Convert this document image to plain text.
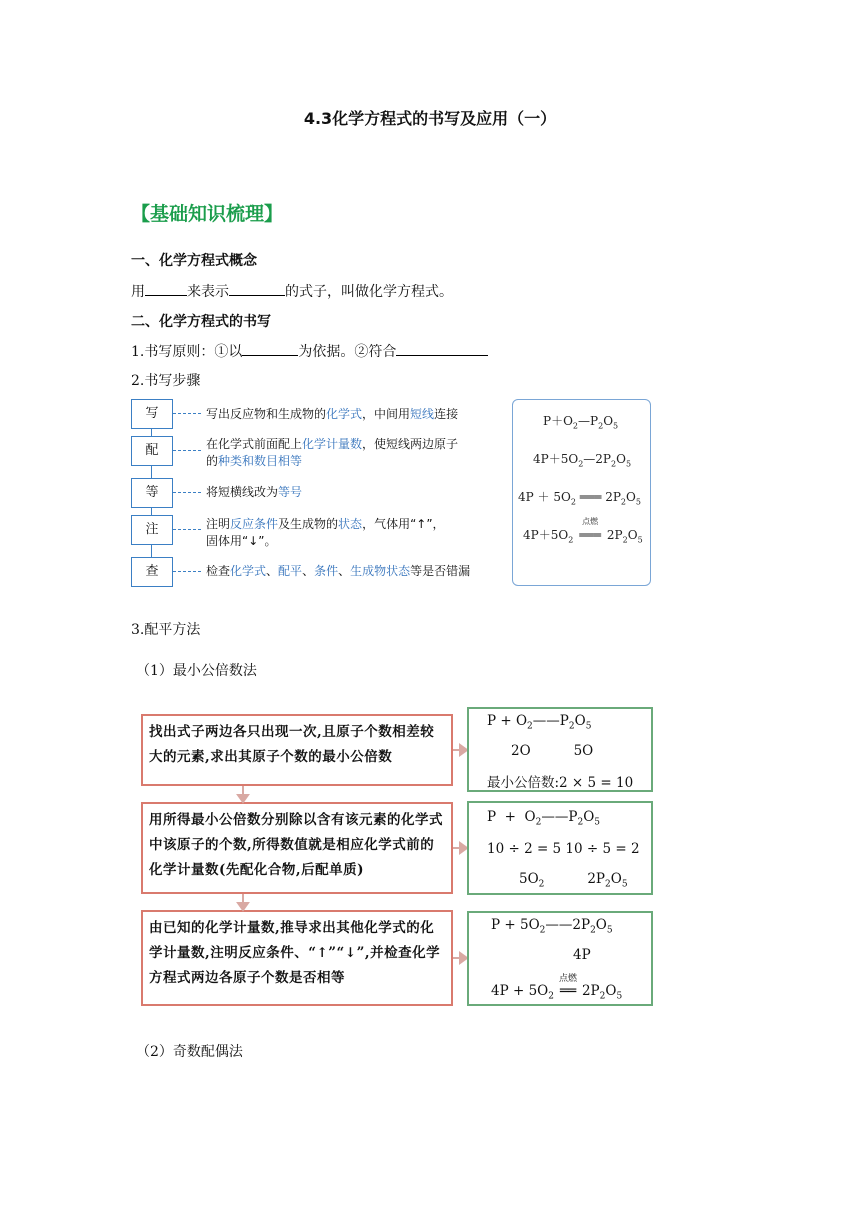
4.3化学方程式的书写及应用（一）
【基础知识梳理】
一、化学方程式概念
用	来表示	的式子，叫做化学方程式。
二、化学方程式的书写
1.书写原则：①以	为依据。②符合
2.书写步骤
写	写出反应物和生成物的化学式，中间用短线连接
配	在化学式前面配上化学计量数，使短线两边原子
的种类和数目相等
等	将短横线改为等号
注	注明反应条件及生成物的状态，气体用“↑”，
固体用“↓”。
查	检查化学式、配平、条件、生成物状态等是否错漏
$P+O_2—P_2O_5$
$4P+5O_2—2P_2O_5$
$4P + 5O_2$ ═══ $2P_2O_5$
$4P+5O_2$
点燃
═══ $2P_2O_5$
3.配平方法
（1）最小公倍数法
找出式子两边各只出现一次,且原子个数相差较大的元素,求出其原子个数的最小公倍数
用所得最小公倍数分别除以含有该元素的化学式中该原子的个数,所得数值就是相应化学式前的化学计量数(先配化合物,后配单质)
由已知的化学计量数,推导求出其他化学式的化学计量数,注明反应条件、“↑”“↓”,并检查化学方程式两边各原子个数是否相等
$P + O_2——P_2O_5$
2O          5O
最小公倍数:2 × 5 = 10
$P + O_2——P_2O_5$
10 ÷ 2 = 5 10 ÷ 5 = 2
$5O_2$          $2P_2O_5$
$P + 5O_2——2P_2O_5$
4P
$4P + 5O_2$
点燃
══ $2P_2O_5$
（2）奇数配偶法
